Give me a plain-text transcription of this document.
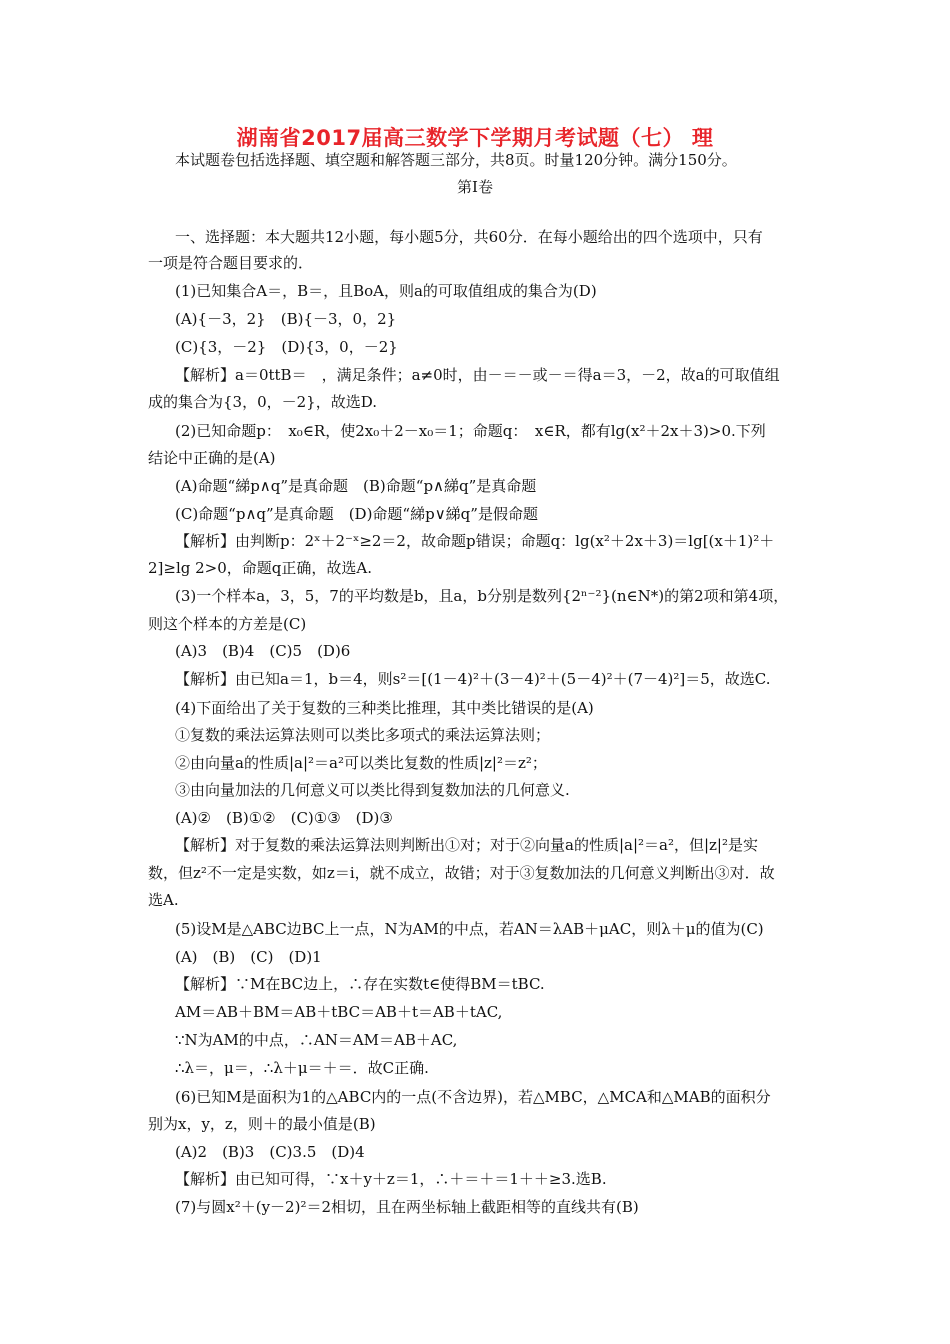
湖南省2017届高三数学下学期月考试题（七） 理
本试题卷包括选择题、填空题和解答题三部分，共8页。时量120分钟。满分150分。
第Ⅰ卷
一、选择题：本大题共12小题，每小题5分，共60分．在每小题给出的四个选项中，只有
一项是符合题目要求的．
(1)已知集合A＝，B＝，且BoA，则a的可取值组成的集合为(D)
(A){－3，2}　(B){－3，0，2}
(C){3，－2}　(D){3，0，－2}
【解析】a＝0ttB＝　，满足条件；a≠0时，由－＝－或－＝得a＝3，－2，故a的可取值组
成的集合为{3，0，－2}，故选D.
(2)已知命题p：　x₀∈R，使2x₀＋2－x₀＝1；命题q：　x∈R，都有lg(x²＋2x＋3)>0.下列
结论中正确的是(A)
(A)命题“綈p∧q”是真命题　(B)命题“p∧綈q”是真命题
(C)命题“p∧q”是真命题　(D)命题“綈p∨綈q”是假命题
【解析】由判断p：2ˣ＋2⁻ˣ≥2＝2，故命题p错误；命题q：lg(x²＋2x＋3)＝lg[(x＋1)²＋
2]≥lg 2>0，命题q正确，故选A.
(3)一个样本a，3，5，7的平均数是b，且a，b分别是数列{2ⁿ⁻²}(n∈N*)的第2项和第4项，
则这个样本的方差是(C)
(A)3　(B)4　(C)5　(D)6
【解析】由已知a＝1，b＝4，则s²＝[(1－4)²＋(3－4)²＋(5－4)²＋(7－4)²]＝5，故选C.
(4)下面给出了关于复数的三种类比推理，其中类比错误的是(A)
①复数的乘法运算法则可以类比多项式的乘法运算法则；
②由向量a的性质|a|²＝a²可以类比复数的性质|z|²＝z²；
③由向量加法的几何意义可以类比得到复数加法的几何意义.
(A)②　(B)①②　(C)①③　(D)③
【解析】对于复数的乘法运算法则判断出①对；对于②向量a的性质|a|²＝a²，但|z|²是实
数，但z²不一定是实数，如z＝i，就不成立，故错；对于③复数加法的几何意义判断出③对．故
选A.
(5)设M是△ABC边BC上一点，N为AM的中点，若AN＝λAB＋μAC，则λ＋μ的值为(C)
(A)　(B)　(C)　(D)1
【解析】∵M在BC边上，∴存在实数t∈使得BM＝tBC.
AM＝AB＋BM＝AB＋tBC＝AB＋t＝AB＋tAC,
∵N为AM的中点，∴AN＝AM＝AB＋AC,
∴λ＝，μ＝，∴λ＋μ＝＋＝．故C正确.
(6)已知M是面积为1的△ABC内的一点(不含边界)，若△MBC，△MCA和△MAB的面积分
别为x，y，z，则＋的最小值是(B)
(A)2　(B)3　(C)3.5　(D)4
【解析】由已知可得，∵x＋y＋z＝1，∴＋＝＋＝1＋＋≥3.选B.
(7)与圆x²＋(y－2)²＝2相切，且在两坐标轴上截距相等的直线共有(B)
